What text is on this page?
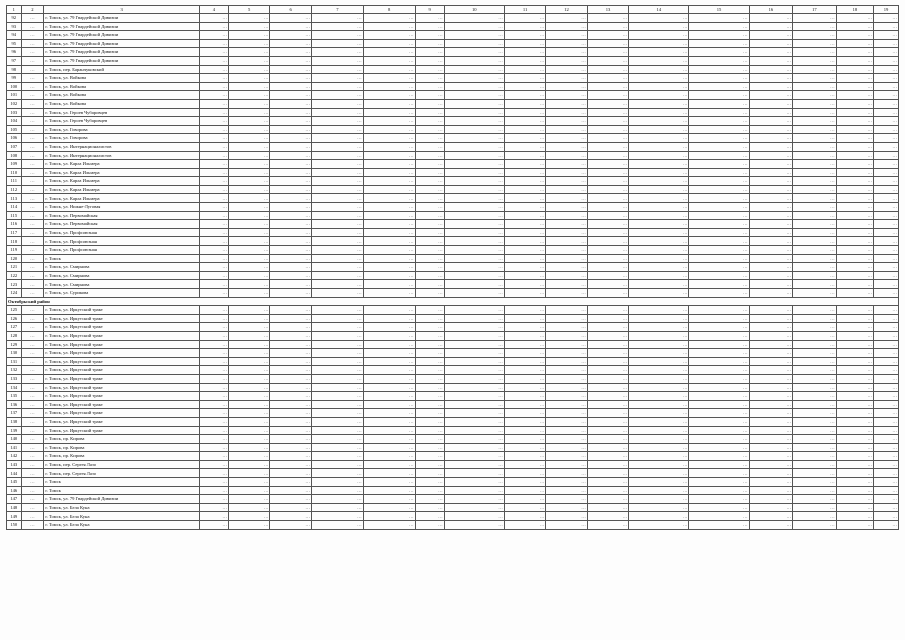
1	2	3	4	5	6	7	8	9	10	11	12	13	14	15	16	17	18	19
92	…	г. Томск, ул. 79 Гвардейской Дивизии	…	…	…	…	…	…	…	…	…	…	…	…	…	…	…	…
93	…	г. Томск, ул. 79 Гвардейской Дивизии	…	…	…	…	…	…	…	…	…	…	…	…	…	…	…	…
94	…	г. Томск, ул. 79 Гвардейской Дивизии	…	…	…	…	…	…	…	…	…	…	…	…	…	…	…	…
95	…	г. Томск, ул. 79 Гвардейской Дивизии	…	…	…	…	…	…	…	…	…	…	…	…	…	…	…	…
96	…	г. Томск, ул. 79 Гвардейской Дивизии	…	…	…	…	…	…	…	…	…	…	…	…	…	…	…	…
97	…	г. Томск, ул. 79 Гвардейской Дивизии	…	…	…	…	…	…	…	…	…	…	…	…	…	…	…	…
98	…	г. Томск, пер. Баранчуковский	…	…	…	…	…	…	…	…	…	…	…	…	…	…	…	…
99	…	г. Томск, ул. Войкова	…	…	…	…	…	…	…	…	…	…	…	…	…	…	…	…
100	…	г. Томск, ул. Войкова	…	…	…	…	…	…	…	…	…	…	…	…	…	…	…	…
101	…	г. Томск, ул. Войкова	…	…	…	…	…	…	…	…	…	…	…	…	…	…	…	…
102	…	г. Томск, ул. Войкова	…	…	…	…	…	…	…	…	…	…	…	…	…	…	…	…
103	…	г. Томск, ул. Героев Чубаровцев	…	…	…	…	…	…	…	…	…	…	…	…	…	…	…	…
104	…	г. Томск, ул. Героев Чубаровцев	…	…	…	…	…	…	…	…	…	…	…	…	…	…	…	…
105	…	г. Томск, ул. Говорова	…	…	…	…	…	…	…	…	…	…	…	…	…	…	…	…
106	…	г. Томск, ул. Говорова	…	…	…	…	…	…	…	…	…	…	…	…	…	…	…	…
107	…	г. Томск, ул. Интернационалистов	…	…	…	…	…	…	…	…	…	…	…	…	…	…	…	…
108	…	г. Томск, ул. Интернационалистов	…	…	…	…	…	…	…	…	…	…	…	…	…	…	…	…
109	…	г. Томск, ул. Карла Ильмера	…	…	…	…	…	…	…	…	…	…	…	…	…	…	…	…
110	…	г. Томск, ул. Карла Ильмера	…	…	…	…	…	…	…	…	…	…	…	…	…	…	…	…
111	…	г. Томск, ул. Карла Ильмера	…	…	…	…	…	…	…	…	…	…	…	…	…	…	…	…
112	…	г. Томск, ул. Карла Ильмера	…	…	…	…	…	…	…	…	…	…	…	…	…	…	…	…
113	…	г. Томск, ул. Карла Ильмера	…	…	…	…	…	…	…	…	…	…	…	…	…	…	…	…
114	…	г. Томск, ул. Нижне-Луговая	…	…	…	…	…	…	…	…	…	…	…	…	…	…	…	…
115	…	г. Томск, ул. Первомайская	…	…	…	…	…	…	…	…	…	…	…	…	…	…	…	…
116	…	г. Томск, ул. Первомайская	…	…	…	…	…	…	…	…	…	…	…	…	…	…	…	…
117	…	г. Томск, ул. Профсоюзная	…	…	…	…	…	…	…	…	…	…	…	…	…	…	…	…
118	…	г. Томск, ул. Профсоюзная	…	…	…	…	…	…	…	…	…	…	…	…	…	…	…	…
119	…	г. Томск, ул. Профсоюзная	…	…	…	…	…	…	…	…	…	…	…	…	…	…	…	…
120	…	г. Томск	…	…	…	…	…	…	…	…	…	…	…	…	…	…	…	…
121	…	г. Томск, ул. Смирнова	…	…	…	…	…	…	…	…	…	…	…	…	…	…	…	…
122	…	г. Томск, ул. Смирнова	…	…	…	…	…	…	…	…	…	…	…	…	…	…	…	…
123	…	г. Томск, ул. Смирнова	…	…	…	…	…	…	…	…	…	…	…	…	…	…	…	…
124	…	г. Томск, ул. Сурикова	…	…	…	…	…	…	…	…	…	…	…	…	…	…	…	…
Октябрьский район																		
125	…	г. Томск, ул. Иркутский тракт	…	…	…	…	…	…	…	…	…	…	…	…	…	…	…	…
126	…	г. Томск, ул. Иркутский тракт	…	…	…	…	…	…	…	…	…	…	…	…	…	…	…	…
127	…	г. Томск, ул. Иркутский тракт	…	…	…	…	…	…	…	…	…	…	…	…	…	…	…	…
128	…	г. Томск, ул. Иркутский тракт	…	…	…	…	…	…	…	…	…	…	…	…	…	…	…	…
129	…	г. Томск, ул. Иркутский тракт	…	…	…	…	…	…	…	…	…	…	…	…	…	…	…	…
130	…	г. Томск, ул. Иркутский тракт	…	…	…	…	…	…	…	…	…	…	…	…	…	…	…	…
131	…	г. Томск, ул. Иркутский тракт	…	…	…	…	…	…	…	…	…	…	…	…	…	…	…	…
132	…	г. Томск, ул. Иркутский тракт	…	…	…	…	…	…	…	…	…	…	…	…	…	…	…	…
133	…	г. Томск, ул. Иркутский тракт	…	…	…	…	…	…	…	…	…	…	…	…	…	…	…	…
134	…	г. Томск, ул. Иркутский тракт	…	…	…	…	…	…	…	…	…	…	…	…	…	…	…	…
135	…	г. Томск, ул. Иркутский тракт	…	…	…	…	…	…	…	…	…	…	…	…	…	…	…	…
136	…	г. Томск, ул. Иркутский тракт	…	…	…	…	…	…	…	…	…	…	…	…	…	…	…	…
137	…	г. Томск, ул. Иркутский тракт	…	…	…	…	…	…	…	…	…	…	…	…	…	…	…	…
138	…	г. Томск, ул. Иркутский тракт	…	…	…	…	…	…	…	…	…	…	…	…	…	…	…	…
139	…	г. Томск, ул. Иркутский тракт	…	…	…	…	…	…	…	…	…	…	…	…	…	…	…	…
140	…	г. Томск, пр. Кирова	…	…	…	…	…	…	…	…	…	…	…	…	…	…	…	…
141	…	г. Томск, пр. Кирова	…	…	…	…	…	…	…	…	…	…	…	…	…	…	…	…
142	…	г. Томск, пр. Кирова	…	…	…	…	…	…	…	…	…	…	…	…	…	…	…	…
143	…	г. Томск, пер. Сергея Лазо	…	…	…	…	…	…	…	…	…	…	…	…	…	…	…	…
144	…	г. Томск, пер. Сергея Лазо	…	…	…	…	…	…	…	…	…	…	…	…	…	…	…	…
145	…	г. Томск	…	…	…	…	…	…	…	…	…	…	…	…	…	…	…	…
146	…	г. Томск	…	…	…	…	…	…	…	…	…	…	…	…	…	…	…	…
147	…	г. Томск, ул. 79 Гвардейской Дивизии	…	…	…	…	…	…	…	…	…	…	…	…	…	…	…	…
148	…	г. Томск, ул. Бела Куна	…	…	…	…	…	…	…	…	…	…	…	…	…	…	…	…
149	…	г. Томск, ул. Бела Куна	…	…	…	…	…	…	…	…	…	…	…	…	…	…	…	…
150	…	г. Томск, ул. Бела Куна	…	…	…	…	…	…	…	…	…	…	…	…	…	…	…	…
